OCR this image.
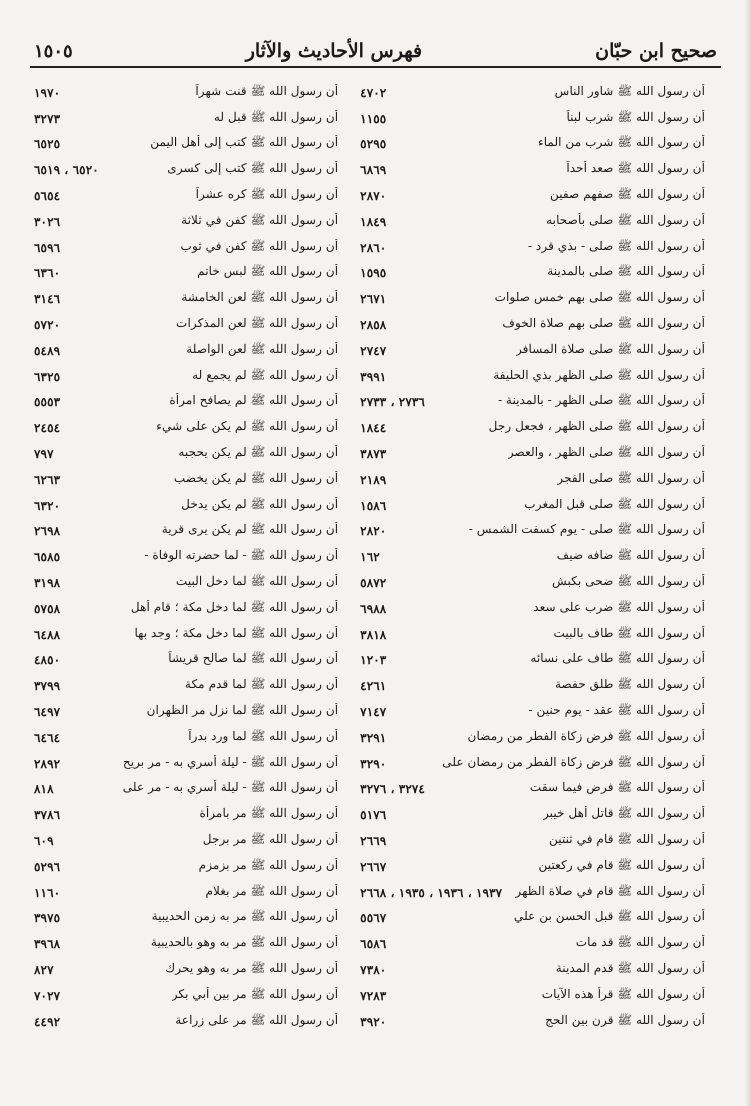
صحيح ابن حبّان
فهرس الأحاديث والآثار
١٥٠٥
أن رسول الله ﷺ شاور الناس
٤٧٠٢
أن رسول الله ﷺ شرب لبناً
١١٥٥
أن رسول الله ﷺ شرب من الماء
٥٢٩٥
أن رسول الله ﷺ صعد أحداً
٦٨٦٩
أن رسول الله ﷺ صفهم صفين
٢٨٧٠
أن رسول الله ﷺ صلى بأصحابه
١٨٤٩
أن رسول الله ﷺ صلى - بذي قرد -
٢٨٦٠
أن رسول الله ﷺ صلى بالمدينة
١٥٩٥
أن رسول الله ﷺ صلى بهم خمس صلوات
٢٦٧١
أن رسول الله ﷺ صلى بهم صلاة الخوف
٢٨٥٨
أن رسول الله ﷺ صلى صلاة المسافر
٢٧٤٧
أن رسول الله ﷺ صلى الظهر بذي الحليفة
٣٩٩١
أن رسول الله ﷺ صلى الظهر - بالمدينة -
٢٧٣٦ ، ٢٧٣٣
أن رسول الله ﷺ صلى الظهر ، فجعل رجل
١٨٤٤
أن رسول الله ﷺ صلى الظهر ، والعصر
٣٨٧٣
أن رسول الله ﷺ صلى الفجر
٢١٨٩
أن رسول الله ﷺ صلى قبل المغرب
١٥٨٦
أن رسول الله ﷺ صلى - يوم كسفت الشمس -
٢٨٢٠
أن رسول الله ﷺ ضافه ضيف
١٦٢
أن رسول الله ﷺ ضحى بكبش
٥٨٧٢
أن رسول الله ﷺ ضرب على سعد
٦٩٨٨
أن رسول الله ﷺ طاف بالبيت
٣٨١٨
أن رسول الله ﷺ طاف على نسائه
١٢٠٣
أن رسول الله ﷺ طلق حفصة
٤٢٦١
أن رسول الله ﷺ عقد - يوم حنين -
٧١٤٧
أن رسول الله ﷺ فرض زكاة الفطر من رمضان
٣٢٩١
أن رسول الله ﷺ فرض زكاة الفطر من رمضان على
٣٢٩٠
أن رسول الله ﷺ فرض فيما سقت
٣٢٧٤ ، ٣٢٧٦
أن رسول الله ﷺ قاتل أهل خيبر
٥١٧٦
أن رسول الله ﷺ قام في ثنتين
٢٦٦٩
أن رسول الله ﷺ قام في ركعتين
٢٦٦٧
أن رسول الله ﷺ قام في صلاة الظهر
١٩٣٧ ، ١٩٣٦ ، ١٩٣٥ ، ٢٦٦٨
أن رسول الله ﷺ قبل الحسن بن علي
٥٥٦٧
أن رسول الله ﷺ قد مات
٦٥٨٦
أن رسول الله ﷺ قدم المدينة
٧٣٨٠
أن رسول الله ﷺ قرأ هذه الآيات
٧٢٨٣
أن رسول الله ﷺ قرن بين الحج
٣٩٢٠
أن رسول الله ﷺ قنت شهراً
١٩٧٠
أن رسول الله ﷺ قبل له
٣٢٧٣
أن رسول الله ﷺ كتب إلى أهل اليمن
٦٥٢٥
أن رسول الله ﷺ كتب إلى كسرى
٦٥٢٠ ، ٦٥١٩
أن رسول الله ﷺ كره عشراً
٥٦٥٤
أن رسول الله ﷺ كفن في ثلاثة
٣٠٢٦
أن رسول الله ﷺ كفن في ثوب
٦٥٩٦
أن رسول الله ﷺ لبس خاتم
٦٣٦٠
أن رسول الله ﷺ لعن الخامشة
٣١٤٦
أن رسول الله ﷺ لعن المذكرات
٥٧٢٠
أن رسول الله ﷺ لعن الواصلة
٥٤٨٩
أن رسول الله ﷺ لم يجمع له
٦٣٢٥
أن رسول الله ﷺ لم يصافح امرأة
٥٥٥٣
أن رسول الله ﷺ لم يكن على شيء
٢٤٥٤
أن رسول الله ﷺ لم يكن يحجبه
٧٩٧
أن رسول الله ﷺ لم يكن يخضب
٦٢٦٣
أن رسول الله ﷺ لم يكن يدخل
٦٣٢٠
أن رسول الله ﷺ لم يكن يرى قرية
٢٦٩٨
أن رسول الله ﷺ - لما حضرته الوفاة -
٦٥٨٥
أن رسول الله ﷺ لما دخل البيت
٣١٩٨
أن رسول الله ﷺ لما دخل مكة ؛ قام أهل
٥٧٥٨
أن رسول الله ﷺ لما دخل مكة ؛ وجد بها
٦٤٨٨
أن رسول الله ﷺ لما صالح قريشاً
٤٨٥٠
أن رسول الله ﷺ لما قدم مكة
٣٧٩٩
أن رسول الله ﷺ لما نزل مر الظهران
٦٤٩٧
أن رسول الله ﷺ لما ورد بدراً
٦٤٦٤
أن رسول الله ﷺ - ليلة أسري به - مر بريح
٢٨٩٢
أن رسول الله ﷺ - ليلة أسري به - مر على
٨١٨
أن رسول الله ﷺ مر بامرأة
٣٧٨٦
أن رسول الله ﷺ مر برجل
٦٠٩
أن رسول الله ﷺ مر بزمزم
٥٢٩٦
أن رسول الله ﷺ مر بغلام
١١٦٠
أن رسول الله ﷺ مر به زمن الحديبية
٣٩٧٥
أن رسول الله ﷺ مر به وهو بالحديبية
٣٩٦٨
أن رسول الله ﷺ مر به وهو يحرك
٨٢٧
أن رسول الله ﷺ مر بين أبي بكر
٧٠٢٧
أن رسول الله ﷺ مر على زراعة
٤٤٩٢
